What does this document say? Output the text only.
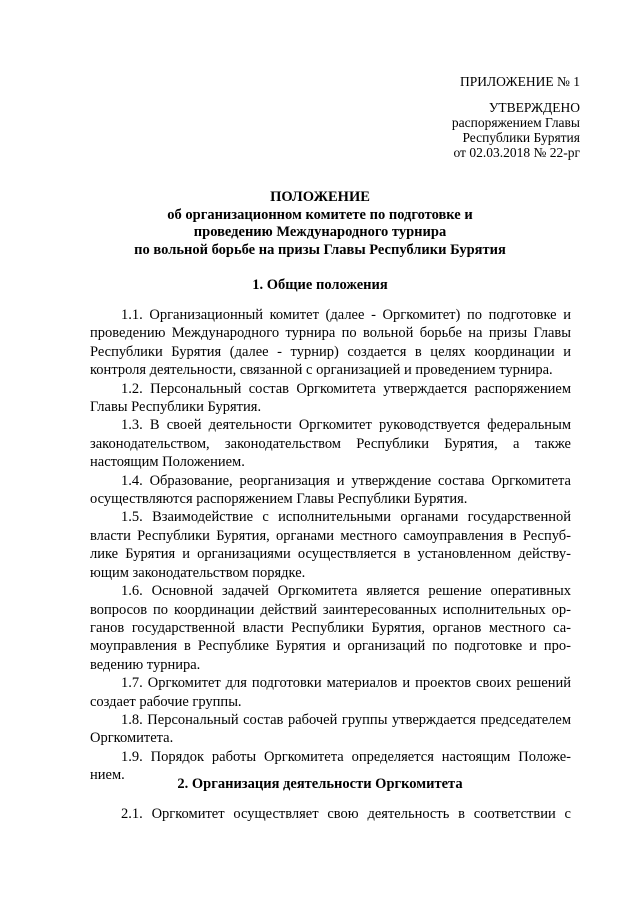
ПРИЛОЖЕНИЕ № 1
УТВЕРЖДЕНО
распоряжением Главы
Республики Бурятия
от 02.03.2018 № 22-рг
ПОЛОЖЕНИЕ
об организационном комитете по подготовке и
проведению Международного турнира
по вольной борьбе на призы Главы Республики Бурятия
1. Общие положения
1.1. Организационный комитет (далее - Оргкомитет) по подготовке и проведению Международного турнира по вольной борьбе на призы Главы Республики Бурятия (далее - турнир) создается в целях координации и контроля деятельности, связанной с организацией и проведением турнира.
1.2. Персональный состав Оргкомитета утверждается распоряжением Главы Республики Бурятия.
1.3. В своей деятельности Оргкомитет руководствуется федеральным законодательством, законодательством Республики Бурятия, а также настоящим Положением.
1.4. Образование, реорганизация и утверждение состава Оргкомитета осуществляются распоряжением Главы Республики Бурятия.
1.5. Взаимодействие с исполнительными органами государственной власти Республики Бурятия, органами местного самоуправления в Республике Бурятия и организациями осуществляется в установленном действующим законодательством порядке.
1.6. Основной задачей Оргкомитета является решение оперативных вопросов по координации действий заинтересованных исполнительных органов государственной власти Республики Бурятия, органов местного самоуправления в Республике Бурятия и организаций по подготовке и проведению турнира.
1.7. Оргкомитет для подготовки материалов и проектов своих решений создает рабочие группы.
1.8. Персональный состав рабочей группы утверждается председателем Оргкомитета.
1.9. Порядок работы Оргкомитета определяется настоящим Положением.
2. Организация деятельности Оргкомитета
2.1. Оргкомитет осуществляет свою деятельность в соответствии с
